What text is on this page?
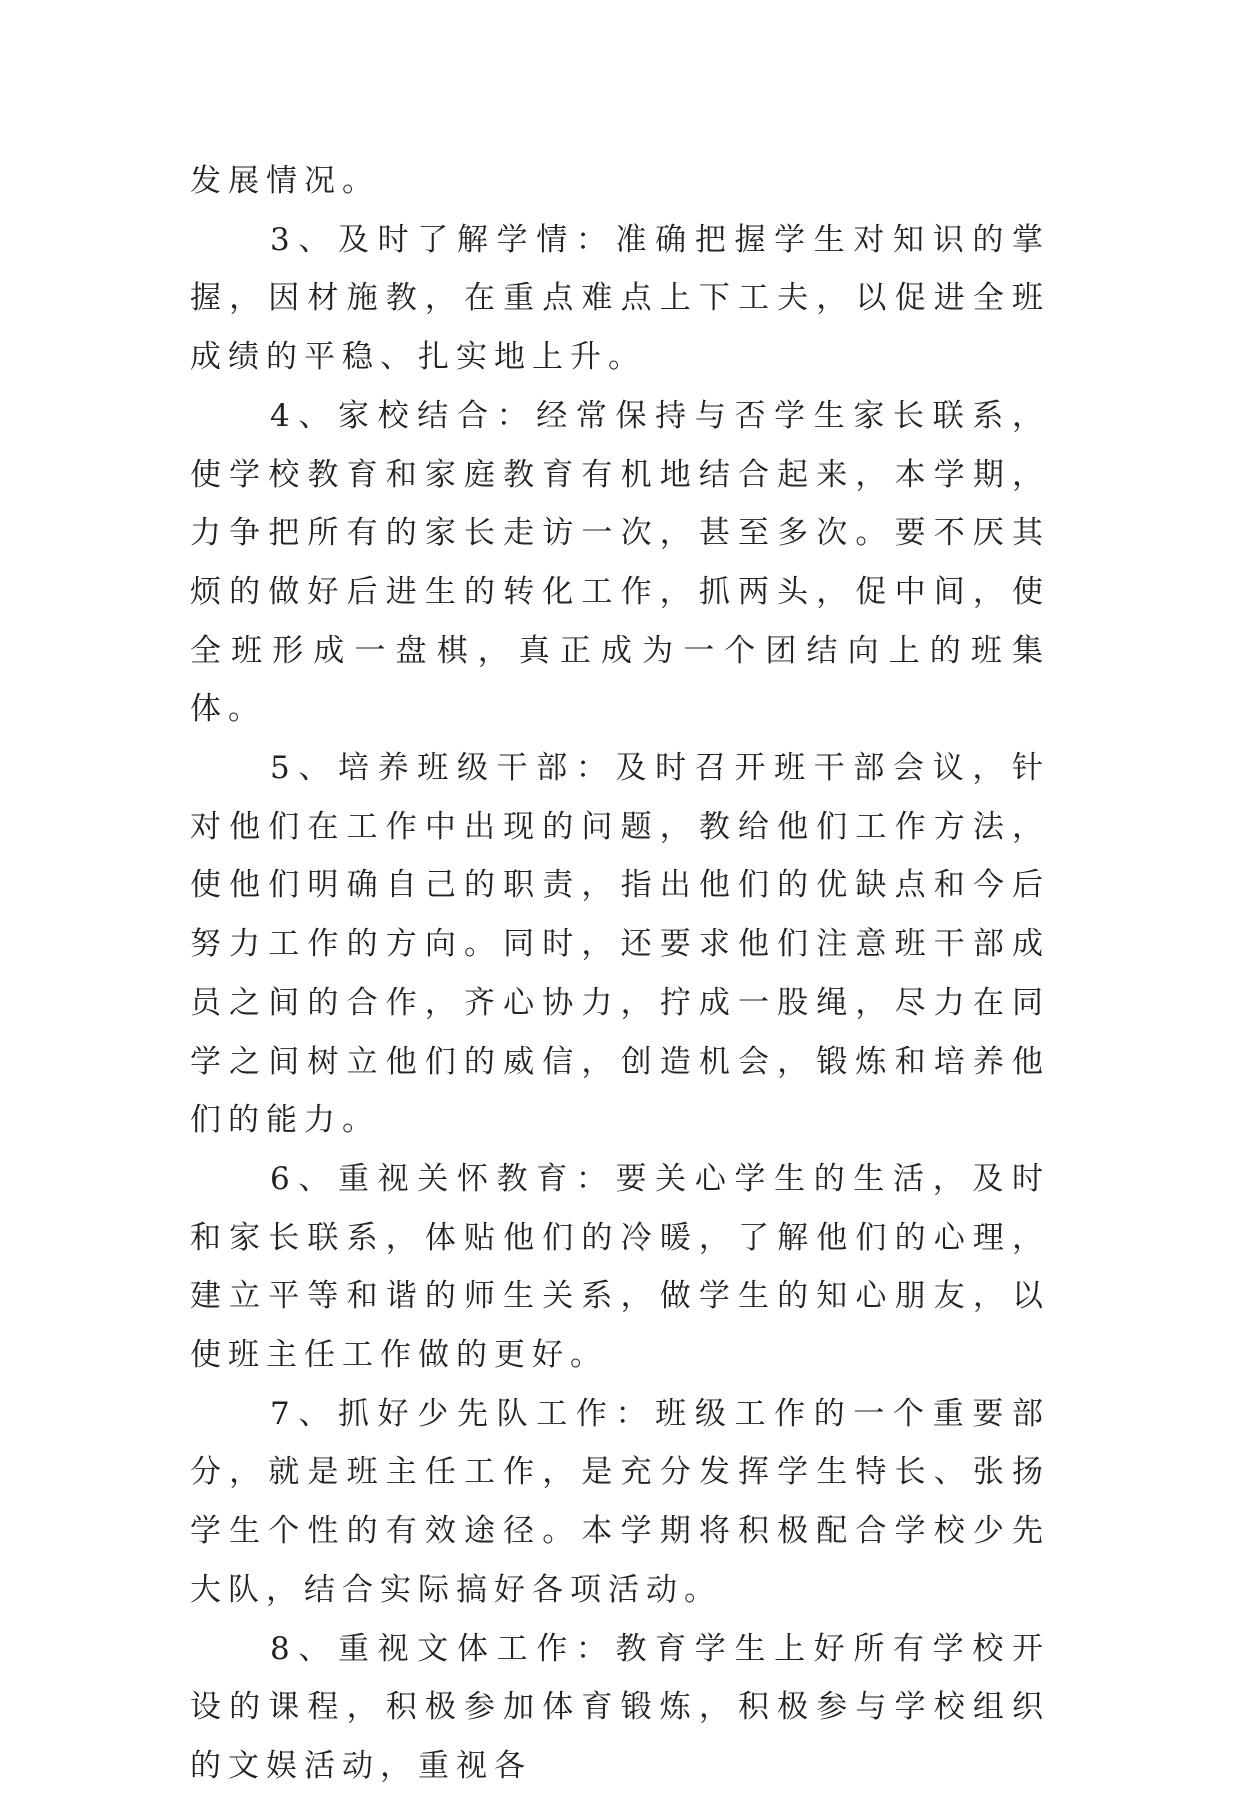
发展情况。

3、及时了解学情：准确把握学生对知识的掌握，因材施教，在重点难点上下工夫，以促进全班成绩的平稳、扎实地上升。

4、家校结合：经常保持与否学生家长联系，使学校教育和家庭教育有机地结合起来，本学期，力争把所有的家长走访一次，甚至多次。要不厌其烦的做好后进生的转化工作，抓两头，促中间，使全班形成一盘棋，真正成为一个团结向上的班集体。

5、培养班级干部：及时召开班干部会议，针对他们在工作中出现的问题，教给他们工作方法，使他们明确自己的职责，指出他们的优缺点和今后努力工作的方向。同时，还要求他们注意班干部成员之间的合作，齐心协力，拧成一股绳，尽力在同学之间树立他们的威信，创造机会，锻炼和培养他们的能力。

6、重视关怀教育：要关心学生的生活，及时和家长联系，体贴他们的冷暖，了解他们的心理，建立平等和谐的师生关系，做学生的知心朋友，以使班主任工作做的更好。

7、抓好少先队工作：班级工作的一个重要部分，就是班主任工作，是充分发挥学生特长、张扬学生个性的有效途径。本学期将积极配合学校少先大队，结合实际搞好各项活动。

8、重视文体工作：教育学生上好所有学校开设的课程，积极参加体育锻炼，积极参与学校组织的文娱活动，重视各
